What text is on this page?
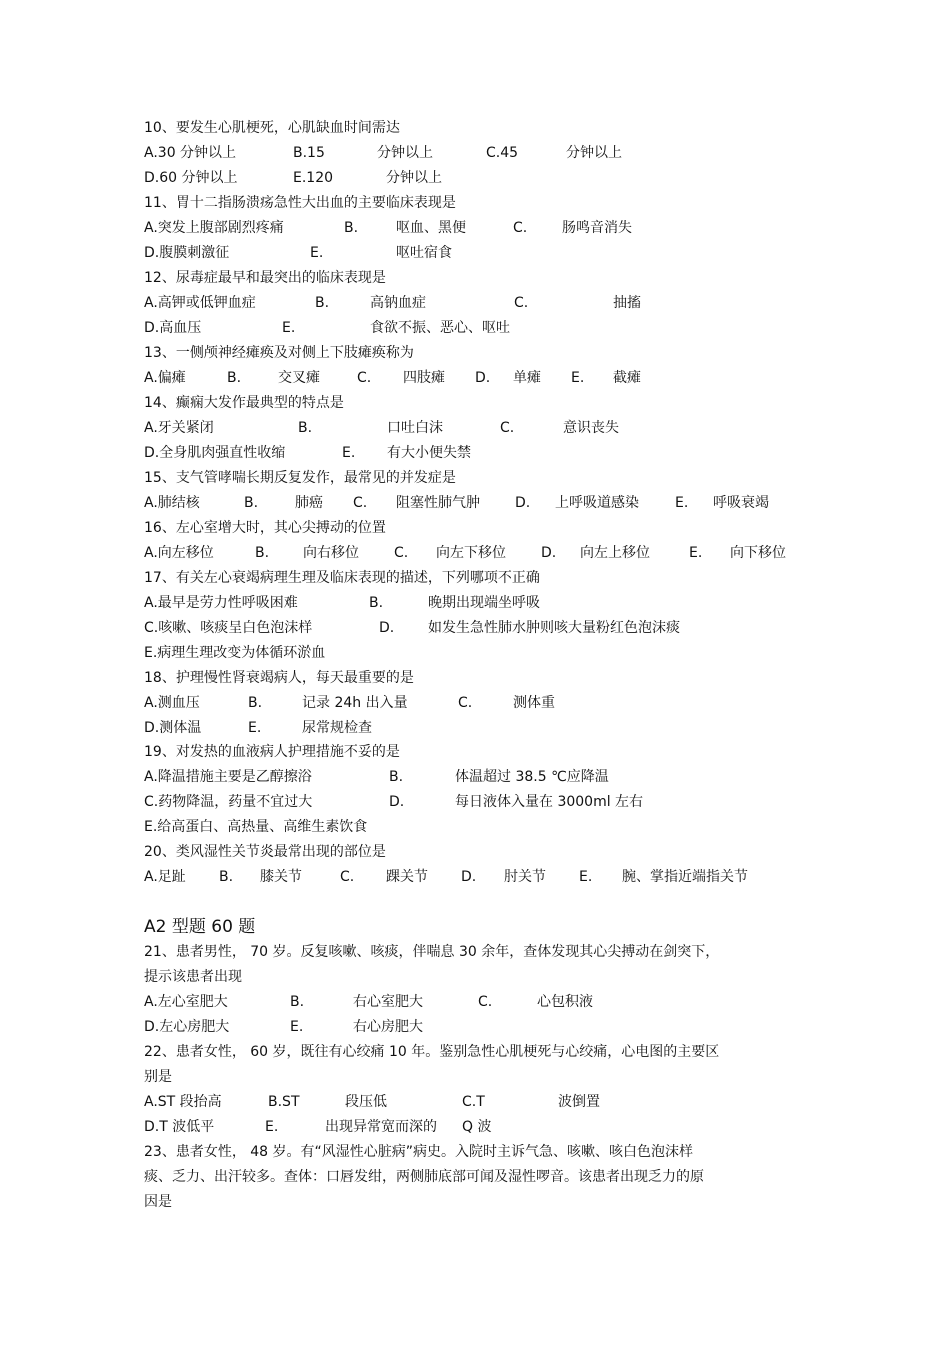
10、要发生心肌梗死，心肌缺血时间需达
A.30 分钟以上	B.15	分钟以上	C.45	分钟以上
D.60 分钟以上	E.120	分钟以上
11、胃十二指肠溃疡急性大出血的主要临床表现是
A.突发上腹部剧烈疼痛	B.	呕血、黑便	C. 肠鸣音消失
D.腹膜刺激征	E.	呕吐宿食
12、尿毒症最早和最突出的临床表现是
A.高钾或低钾血症	B.	高钠血症	C.	抽搐
D.高血压	E.	食欲不振、恶心、呕吐
13、一侧颅神经瘫痪及对侧上下肢瘫痪称为
A.偏瘫	B.	交叉瘫	C. 四肢瘫 D. 单瘫 E. 截瘫
14、癫痫大发作最典型的特点是
A.牙关紧闭	B.	口吐白沫	C.	意识丧失
D.全身肌肉强直性收缩	E. 有大小便失禁
15、支气管哮喘长期反复发作，最常见的并发症是
A.肺结核	B.	肺癌 C. 阻塞性肺气肿	D. 上呼吸道感染	E. 呼吸衰竭
16、左心室增大时，其心尖搏动的位置
A.向左移位	B. 向右移位	C. 向左下移位	D. 向左上移位	E. 向下移位
17、有关左心衰竭病理生理及临床表现的描述，下列哪项不正确
A.最早是劳力性呼吸困难	B.	晚期出现端坐呼吸
C.咳嗽、咳痰呈白色泡沫样	D. 如发生急性肺水肿则咳大量粉红色泡沫痰
E.病理生理改变为体循环淤血
18、护理慢性肾衰竭病人，每天最重要的是
A.测血压	B.	记录 24h 出入量	C.	测体重
D.测体温	E.	尿常规检查
19、对发热的血液病人护理措施不妥的是
A.降温措施主要是乙醇擦浴	B.	体温超过 38.5 ℃应降温
C.药物降温，药量不宜过大	D.	每日液体入量在 3000ml 左右
E.给高蛋白、高热量、高维生素饮食
20、类风湿性关节炎最常出现的部位是
A.足趾 B. 膝关节	C. 踝关节 D. 肘关节 E. 腕、掌指近端指关节
A2 型题 60 题
21、患者男性， 70 岁。反复咳嗽、咳痰，伴喘息 30 余年，查体发现其心尖搏动在剑突下，
提示该患者出现
A.左心室肥大	B.	右心室肥大	C.	心包积液
D.左心房肥大	E.	右心房肥大
22、患者女性， 60 岁，既往有心绞痛 10 年。鉴别急性心肌梗死与心绞痛，心电图的主要区
别是
A.ST 段抬高	B.ST	段压低	C.T	波倒置
D.T 波低平	E.	出现异常宽而深的 Q 波
23、患者女性， 48 岁。有“风湿性心脏病”病史。入院时主诉气急、咳嗽、咳白色泡沫样
痰、乏力、出汗较多。查体：口唇发绀，两侧肺底部可闻及湿性啰音。该患者出现乏力的原
因是
